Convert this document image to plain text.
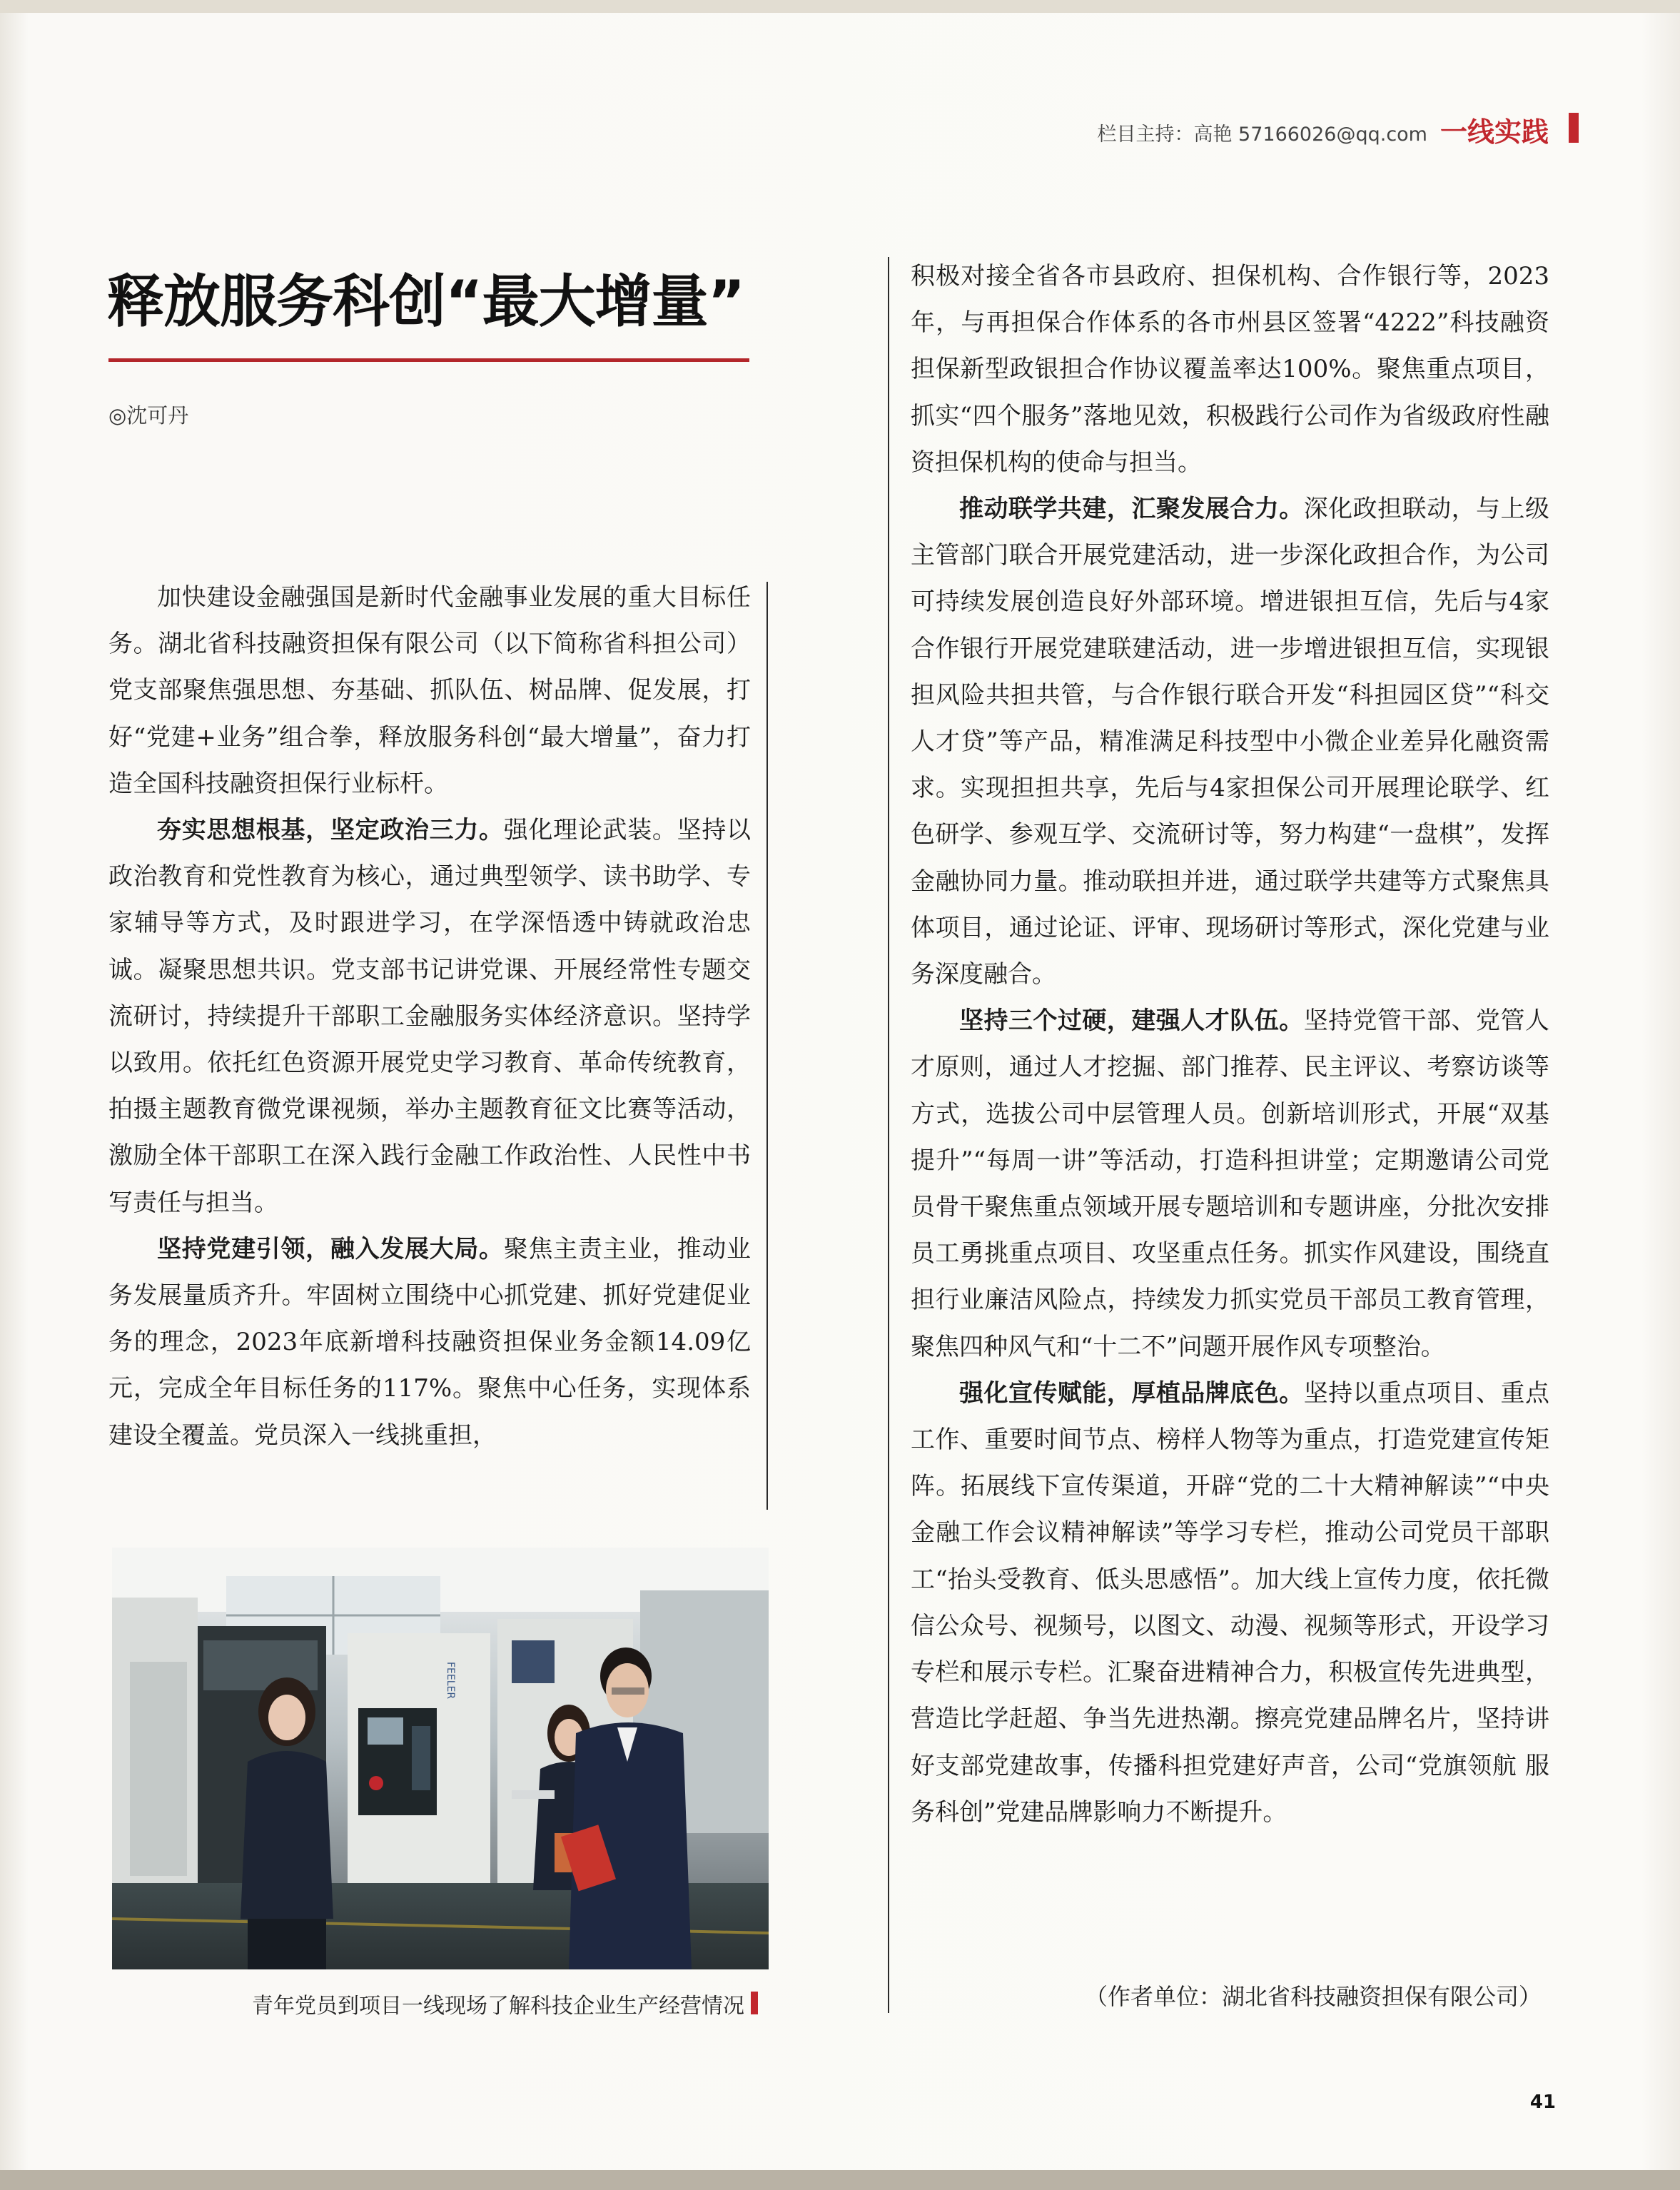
栏目主持：高艳 57166026@qq.com 一线实践
释放服务科创“最大增量”
◎沈可丹

加快建设金融强国是新时代金融事业发展的重大目标任务。湖北省科技融资担保有限公司（以下简称省科担公司）党支部聚焦强思想、夯基础、抓队伍、树品牌、促发展，打好“党建+业务”组合拳，释放服务科创“最大增量”，奋力打造全国科技融资担保行业标杆。

夯实思想根基，坚定政治三力。强化理论武装。坚持以政治教育和党性教育为核心，通过典型领学、读书助学、专家辅导等方式，及时跟进学习，在学深悟透中铸就政治忠诚。凝聚思想共识。党支部书记讲党课、开展经常性专题交流研讨，持续提升干部职工金融服务实体经济意识。坚持学以致用。依托红色资源开展党史学习教育、革命传统教育，拍摄主题教育微党课视频，举办主题教育征文比赛等活动，激励全体干部职工在深入践行金融工作政治性、人民性中书写责任与担当。

坚持党建引领，融入发展大局。聚焦主责主业，推动业务发展量质齐升。牢固树立围绕中心抓党建、抓好党建促业务的理念，2023年底新增科技融资担保业务金额14.09亿元，完成全年目标任务的117%。聚焦中心任务，实现体系建设全覆盖。党员深入一线挑重担，

FEELER
青年党员到项目一线现场了解科技企业生产经营情况

积极对接全省各市县政府、担保机构、合作银行等，2023年，与再担保合作体系的各市州县区签署“4222”科技融资担保新型政银担合作协议覆盖率达100%。聚焦重点项目，抓实“四个服务”落地见效，积极践行公司作为省级政府性融资担保机构的使命与担当。

推动联学共建，汇聚发展合力。深化政担联动，与上级主管部门联合开展党建活动，进一步深化政担合作，为公司可持续发展创造良好外部环境。增进银担互信，先后与4家合作银行开展党建联建活动，进一步增进银担互信，实现银担风险共担共管，与合作银行联合开发“科担园区贷”“科交人才贷”等产品，精准满足科技型中小微企业差异化融资需求。实现担担共享，先后与4家担保公司开展理论联学、红色研学、参观互学、交流研讨等，努力构建“一盘棋”，发挥金融协同力量。推动联担并进，通过联学共建等方式聚焦具体项目，通过论证、评审、现场研讨等形式，深化党建与业务深度融合。

坚持三个过硬，建强人才队伍。坚持党管干部、党管人才原则，通过人才挖掘、部门推荐、民主评议、考察访谈等方式，选拔公司中层管理人员。创新培训形式，开展“双基提升”“每周一讲”等活动，打造科担讲堂；定期邀请公司党员骨干聚焦重点领域开展专题培训和专题讲座，分批次安排员工勇挑重点项目、攻坚重点任务。抓实作风建设，围绕直担行业廉洁风险点，持续发力抓实党员干部员工教育管理，聚焦四种风气和“十二不”问题开展作风专项整治。

强化宣传赋能，厚植品牌底色。坚持以重点项目、重点工作、重要时间节点、榜样人物等为重点，打造党建宣传矩阵。拓展线下宣传渠道，开辟“党的二十大精神解读”“中央金融工作会议精神解读”等学习专栏，推动公司党员干部职工“抬头受教育、低头思感悟”。加大线上宣传力度，依托微信公众号、视频号，以图文、动漫、视频等形式，开设学习专栏和展示专栏。汇聚奋进精神合力，积极宣传先进典型，营造比学赶超、争当先进热潮。擦亮党建品牌名片，坚持讲好支部党建故事，传播科担党建好声音，公司“党旗领航 服务科创”党建品牌影响力不断提升。

（作者单位：湖北省科技融资担保有限公司）
41
